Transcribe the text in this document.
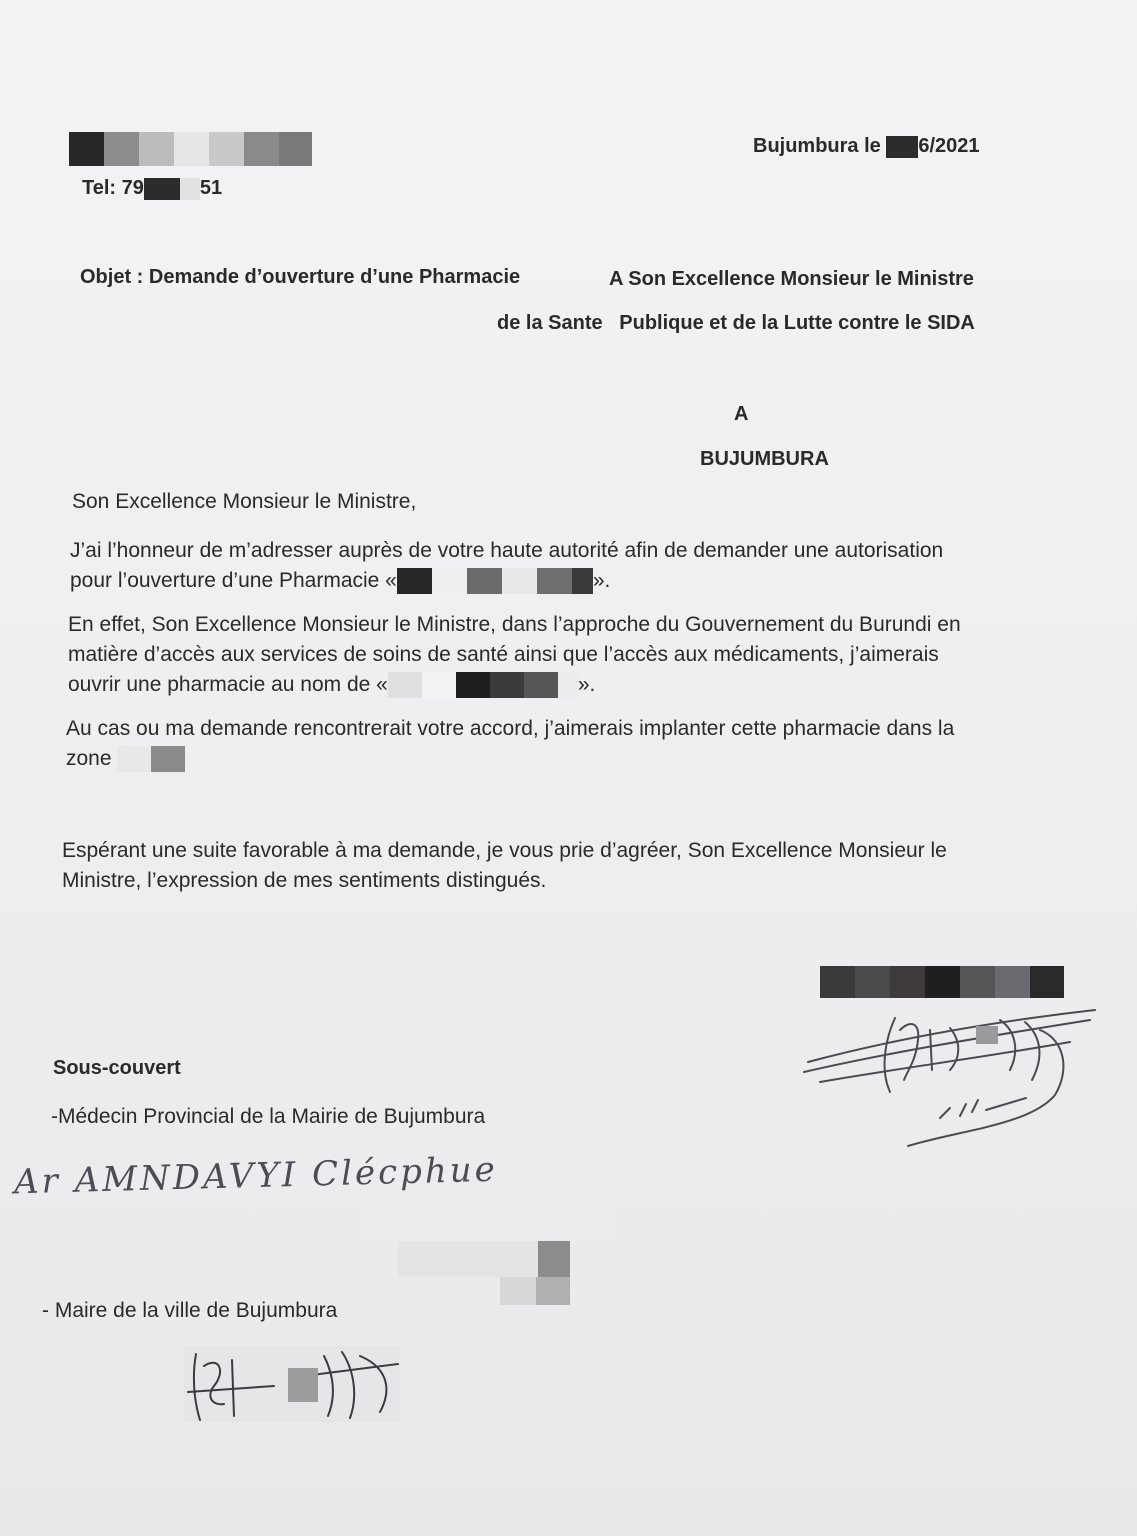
Tel: 79	51
Bujumbura le 6/2021
Objet : Demande d’ouverture d’une Pharmacie	A Son Excellence Monsieur le Ministre
de la Sante   Publique et de la Lutte contre le SIDA
A
BUJUMBURA
Son Excellence Monsieur le Ministre,
J’ai l’honneur de m’adresser auprès de votre haute autorité afin de demander une autorisation
pour l’ouverture d’une Pharmacie «	».
En effet, Son Excellence Monsieur le Ministre, dans l’approche du Gouvernement du Burundi en
matière d’accès aux services de soins de santé ainsi que l’accès aux médicaments, j’aimerais
ouvrir une pharmacie au nom de «	».
Au cas ou ma demande rencontrerait votre accord, j’aimerais implanter cette pharmacie dans la
zone
Espérant une suite favorable à ma demande, je vous prie d’agréer, Son Excellence Monsieur le
Ministre, l’expression de mes sentiments distingués.
Sous-couvert
-Médecin Provincial de la Mairie de Bujumbura
Ar AMNDAVYI Clécphue
- Maire de la ville de Bujumbura
